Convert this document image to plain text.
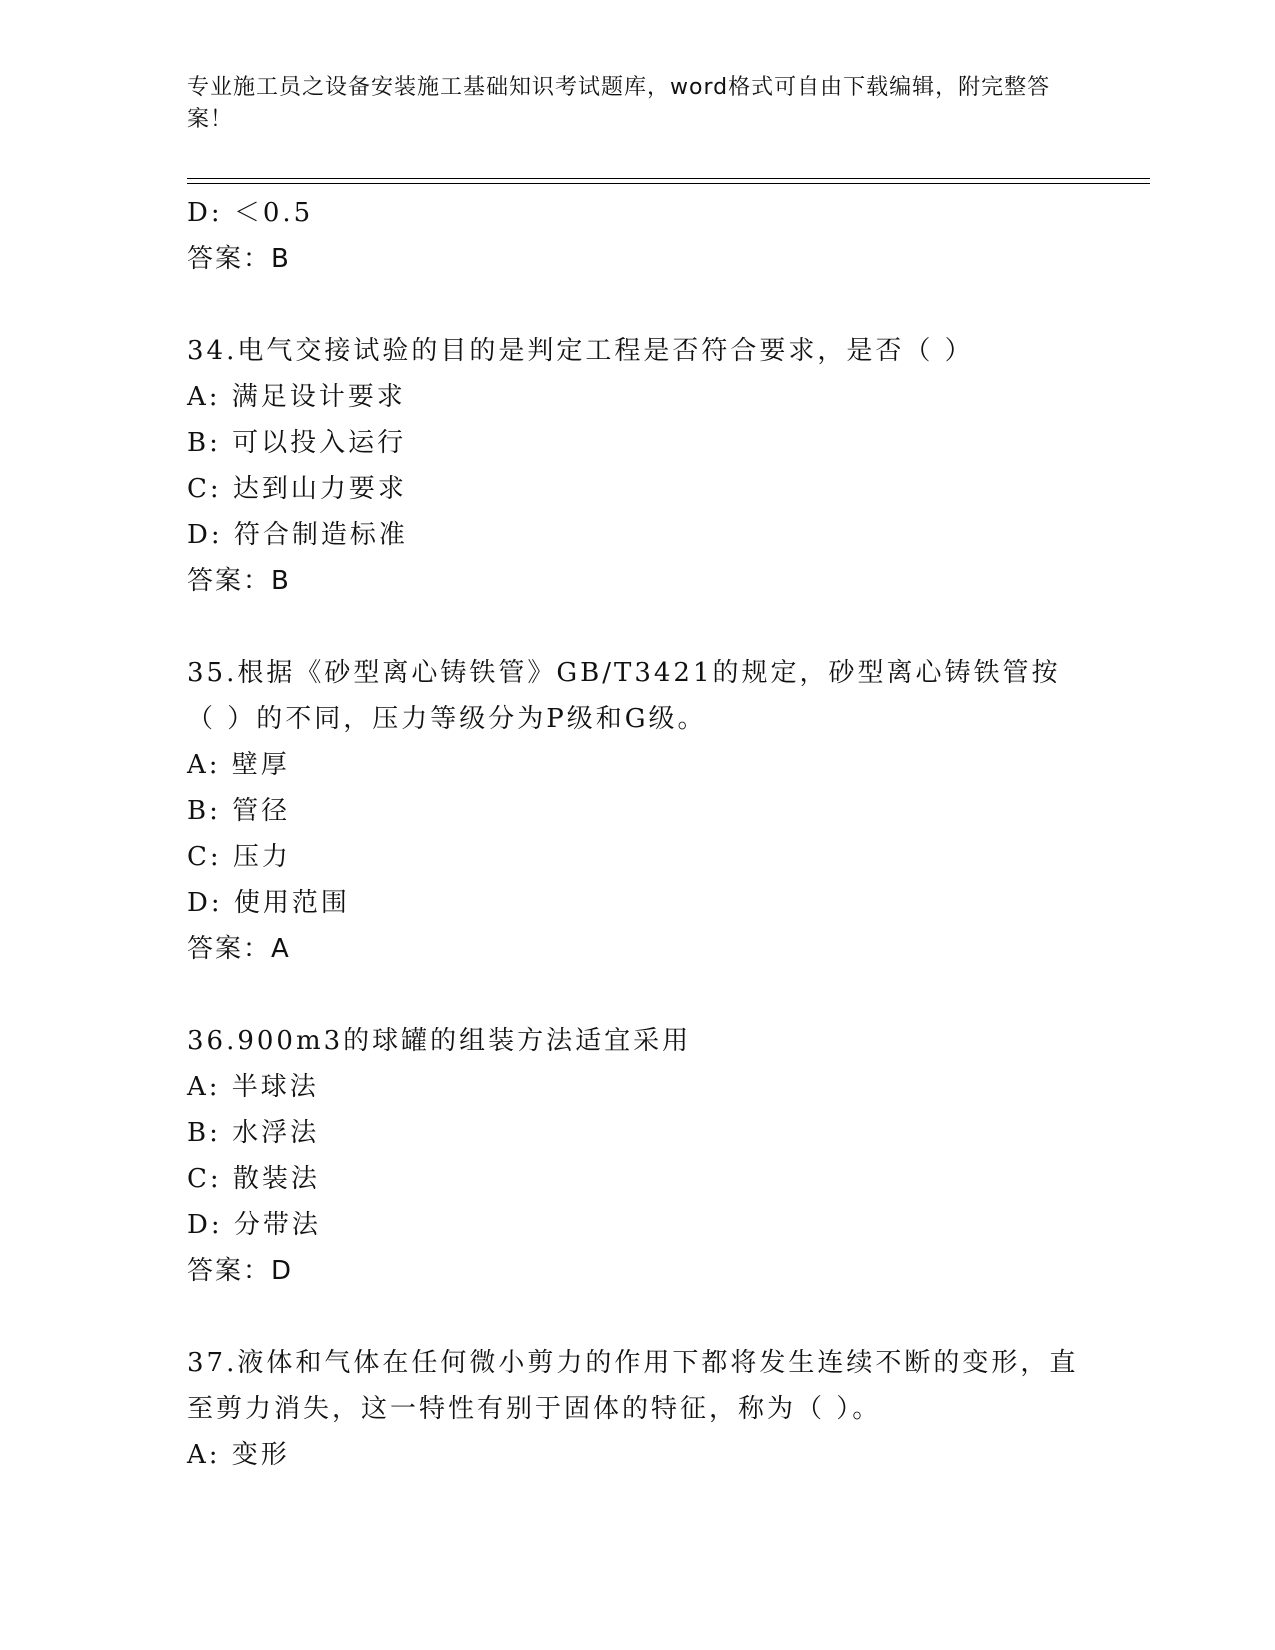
专业施工员之设备安装施工基础知识考试题库，word格式可自由下载编辑，附完整答案！
D: ＜0.5
答案：B
34.电气交接试验的目的是判定工程是否符合要求，是否（ ）
A: 满足设计要求
B: 可以投入运行
C: 达到山力要求
D: 符合制造标准
答案：B
35.根据《砂型离心铸铁管》GB/T3421的规定，砂型离心铸铁管按（ ）的不同，压力等级分为P级和G级。
A: 壁厚
B: 管径
C: 压力
D: 使用范围
答案：A
36.900m3的球罐的组装方法适宜采用
A: 半球法
B: 水浮法
C: 散装法
D: 分带法
答案：D
37.液体和气体在任何微小剪力的作用下都将发生连续不断的变形，直至剪力消失，这一特性有别于固体的特征，称为（ ）。
A: 变形
